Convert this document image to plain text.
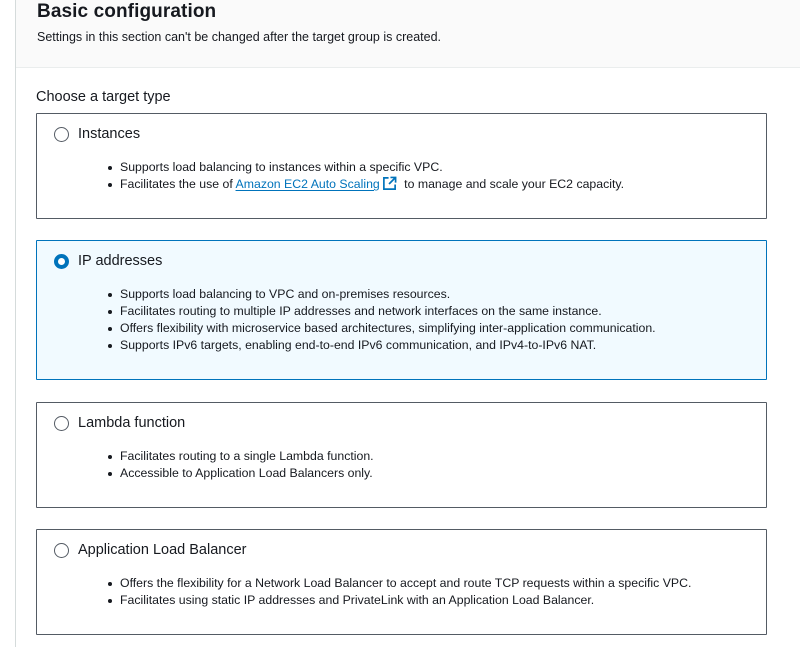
Basic configuration
Settings in this section can't be changed after the target group is created.
Choose a target type
Instances
Supports load balancing to instances within a specific VPC.
Facilitates the use of Amazon EC2 Auto Scaling to manage and scale your EC2 capacity.
IP addresses
Supports load balancing to VPC and on-premises resources.
Facilitates routing to multiple IP addresses and network interfaces on the same instance.
Offers flexibility with microservice based architectures, simplifying inter-application communication.
Supports IPv6 targets, enabling end-to-end IPv6 communication, and IPv4-to-IPv6 NAT.
Lambda function
Facilitates routing to a single Lambda function.
Accessible to Application Load Balancers only.
Application Load Balancer
Offers the flexibility for a Network Load Balancer to accept and route TCP requests within a specific VPC.
Facilitates using static IP addresses and PrivateLink with an Application Load Balancer.
